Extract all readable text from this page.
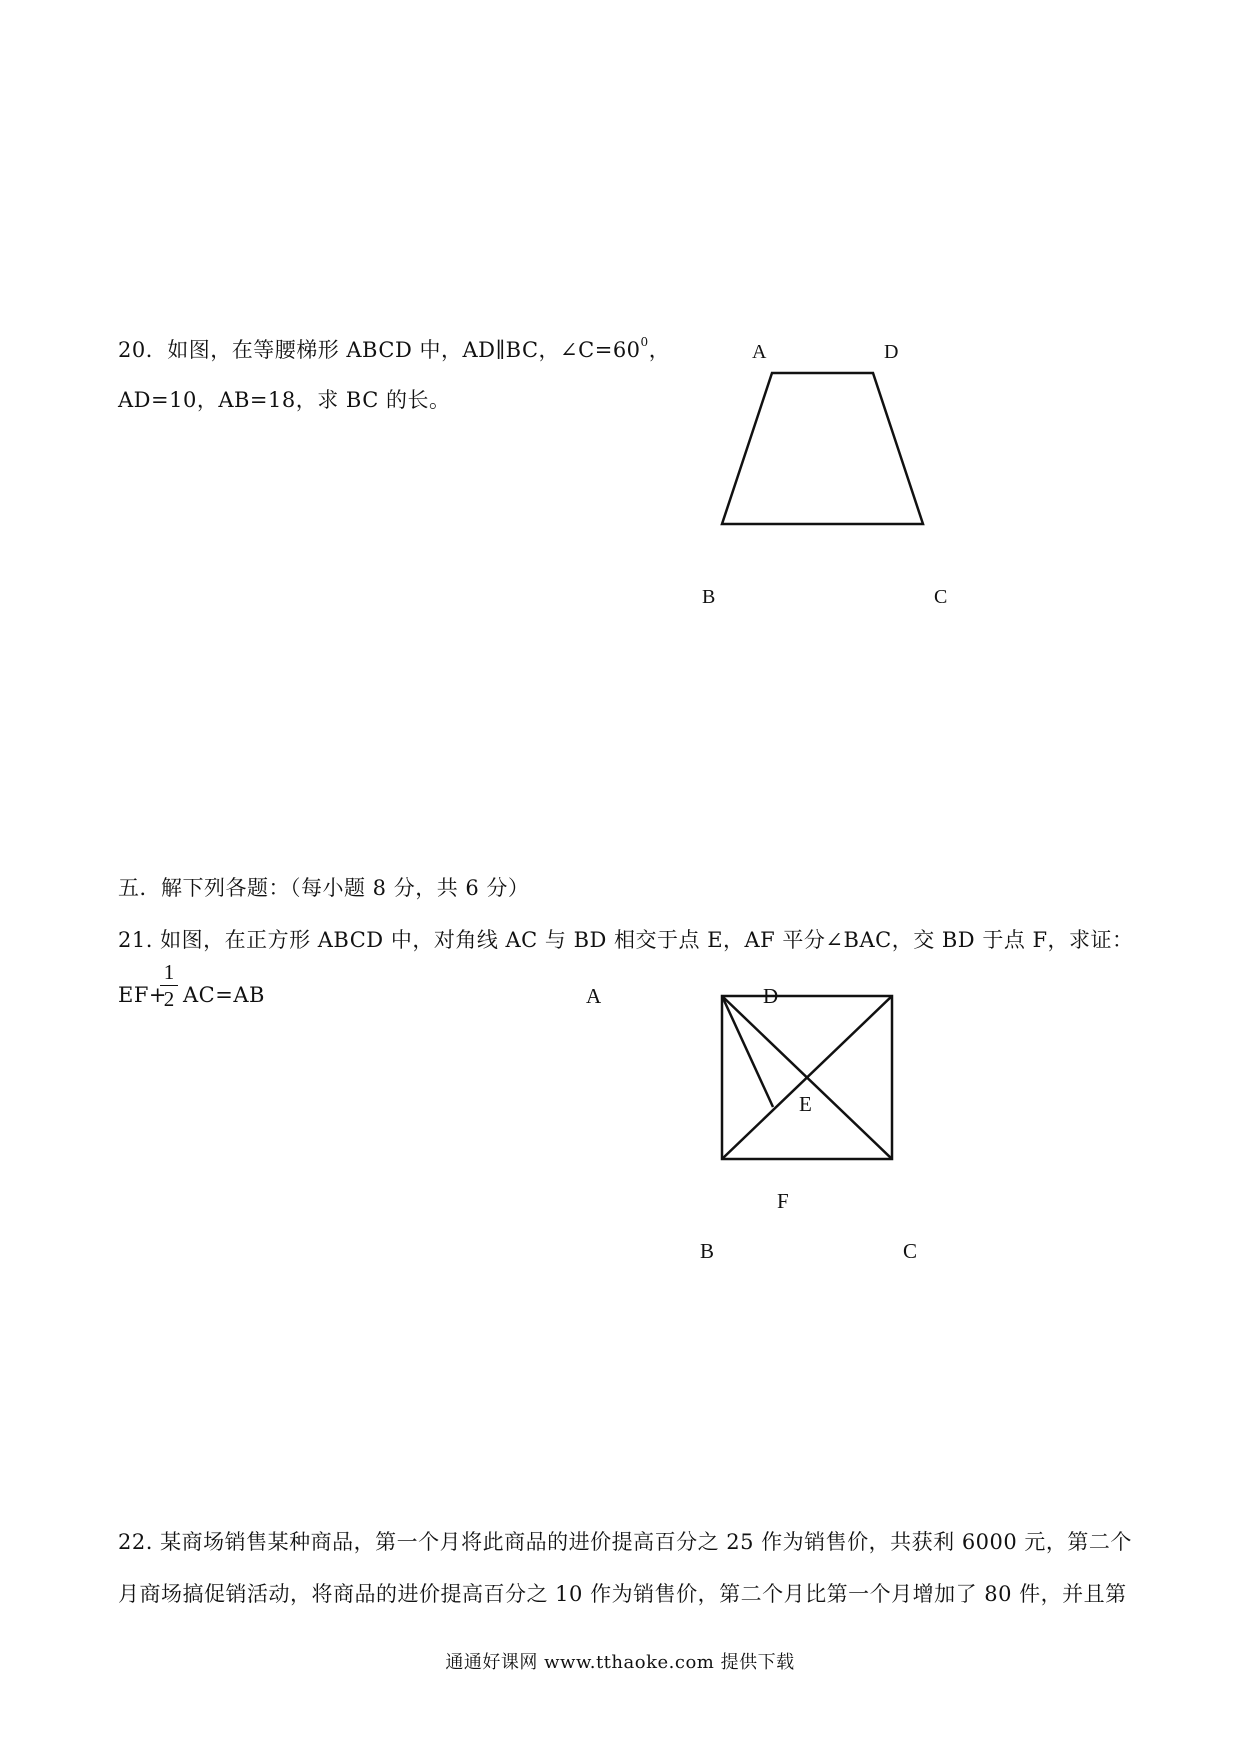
20．如图，在等腰梯形 ABCD 中，AD∥BC，$\angle C=60^0$，
AD=10，AB=18，求 BC 的长。
A	D
B	C
五．解下列各题：（每小题 8 分，共 6 分）
21. 如图，在正方形 ABCD 中，对角线 AC 与 BD 相交于点 E，AF 平分∠BAC，交 BD 于点 F，求证：
EF+
1
2 AC=AB	A	D
E
F
B	C
22. 某商场销售某种商品，第一个月将此商品的进价提高百分之 25 作为销售价，共获利 6000 元，第二个
月商场搞促销活动，将商品的进价提高百分之 10 作为销售价，第二个月比第一个月增加了 80 件，并且第
通通好课网 www.tthaoke.com 提供下载
